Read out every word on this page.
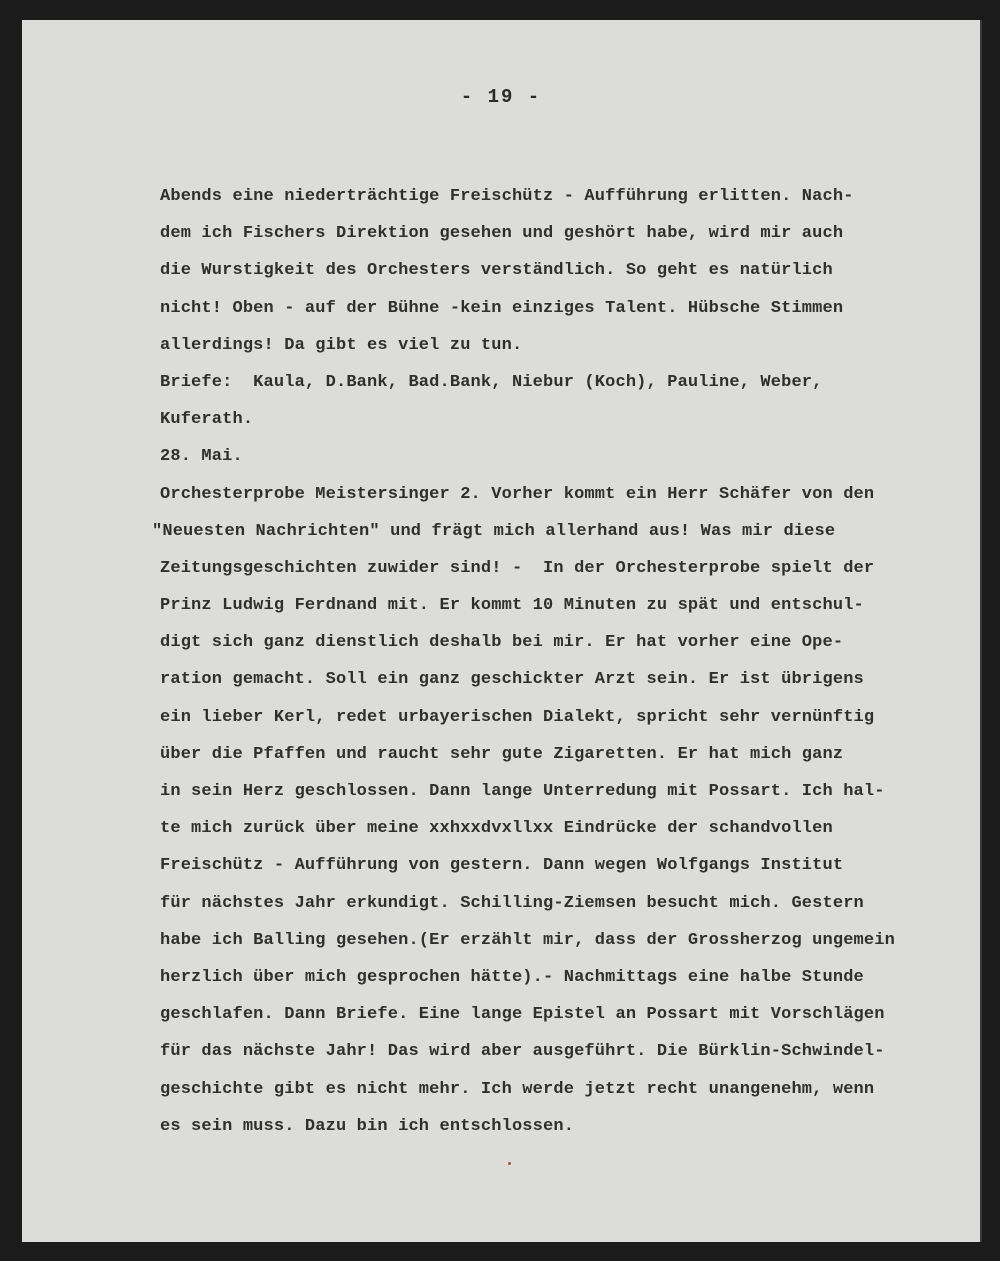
- 19 -
Abends eine niederträchtige Freischütz - Aufführung erlitten. Nach-
dem ich Fischers Direktion gesehen und geshört habe, wird mir auch
die Wurstigkeit des Orchesters verständlich. So geht es natürlich
nicht! Oben - auf der Bühne -kein einziges Talent. Hübsche Stimmen
allerdings! Da gibt es viel zu tun.
Briefe:  Kaula, D.Bank, Bad.Bank, Niebur (Koch), Pauline, Weber,
Kuferath.
28. Mai.
Orchesterprobe Meistersinger 2. Vorher kommt ein Herr Schäfer von den
"Neuesten Nachrichten" und frägt mich allerhand aus! Was mir diese
Zeitungsgeschichten zuwider sind! -  In der Orchesterprobe spielt der
Prinz Ludwig Ferdnand mit. Er kommt 10 Minuten zu spät und entschul-
digt sich ganz dienstlich deshalb bei mir. Er hat vorher eine Ope-
ration gemacht. Soll ein ganz geschickter Arzt sein. Er ist übrigens
ein lieber Kerl, redet urbayerischen Dialekt, spricht sehr vernünftig
über die Pfaffen und raucht sehr gute Zigaretten. Er hat mich ganz
in sein Herz geschlossen. Dann lange Unterredung mit Possart. Ich hal-
te mich zurück über meine xxhxxdvxllxx Eindrücke der schandvollen
Freischütz - Aufführung von gestern. Dann wegen Wolfgangs Institut
für nächstes Jahr erkundigt. Schilling-Ziemsen besucht mich. Gestern
habe ich Balling gesehen.(Er erzählt mir, dass der Grossherzog ungemein
herzlich über mich gesprochen hätte).- Nachmittags eine halbe Stunde
geschlafen. Dann Briefe. Eine lange Epistel an Possart mit Vorschlägen
für das nächste Jahr! Das wird aber ausgeführt. Die Bürklin-Schwindel-
geschichte gibt es nicht mehr. Ich werde jetzt recht unangenehm, wenn
es sein muss. Dazu bin ich entschlossen.
